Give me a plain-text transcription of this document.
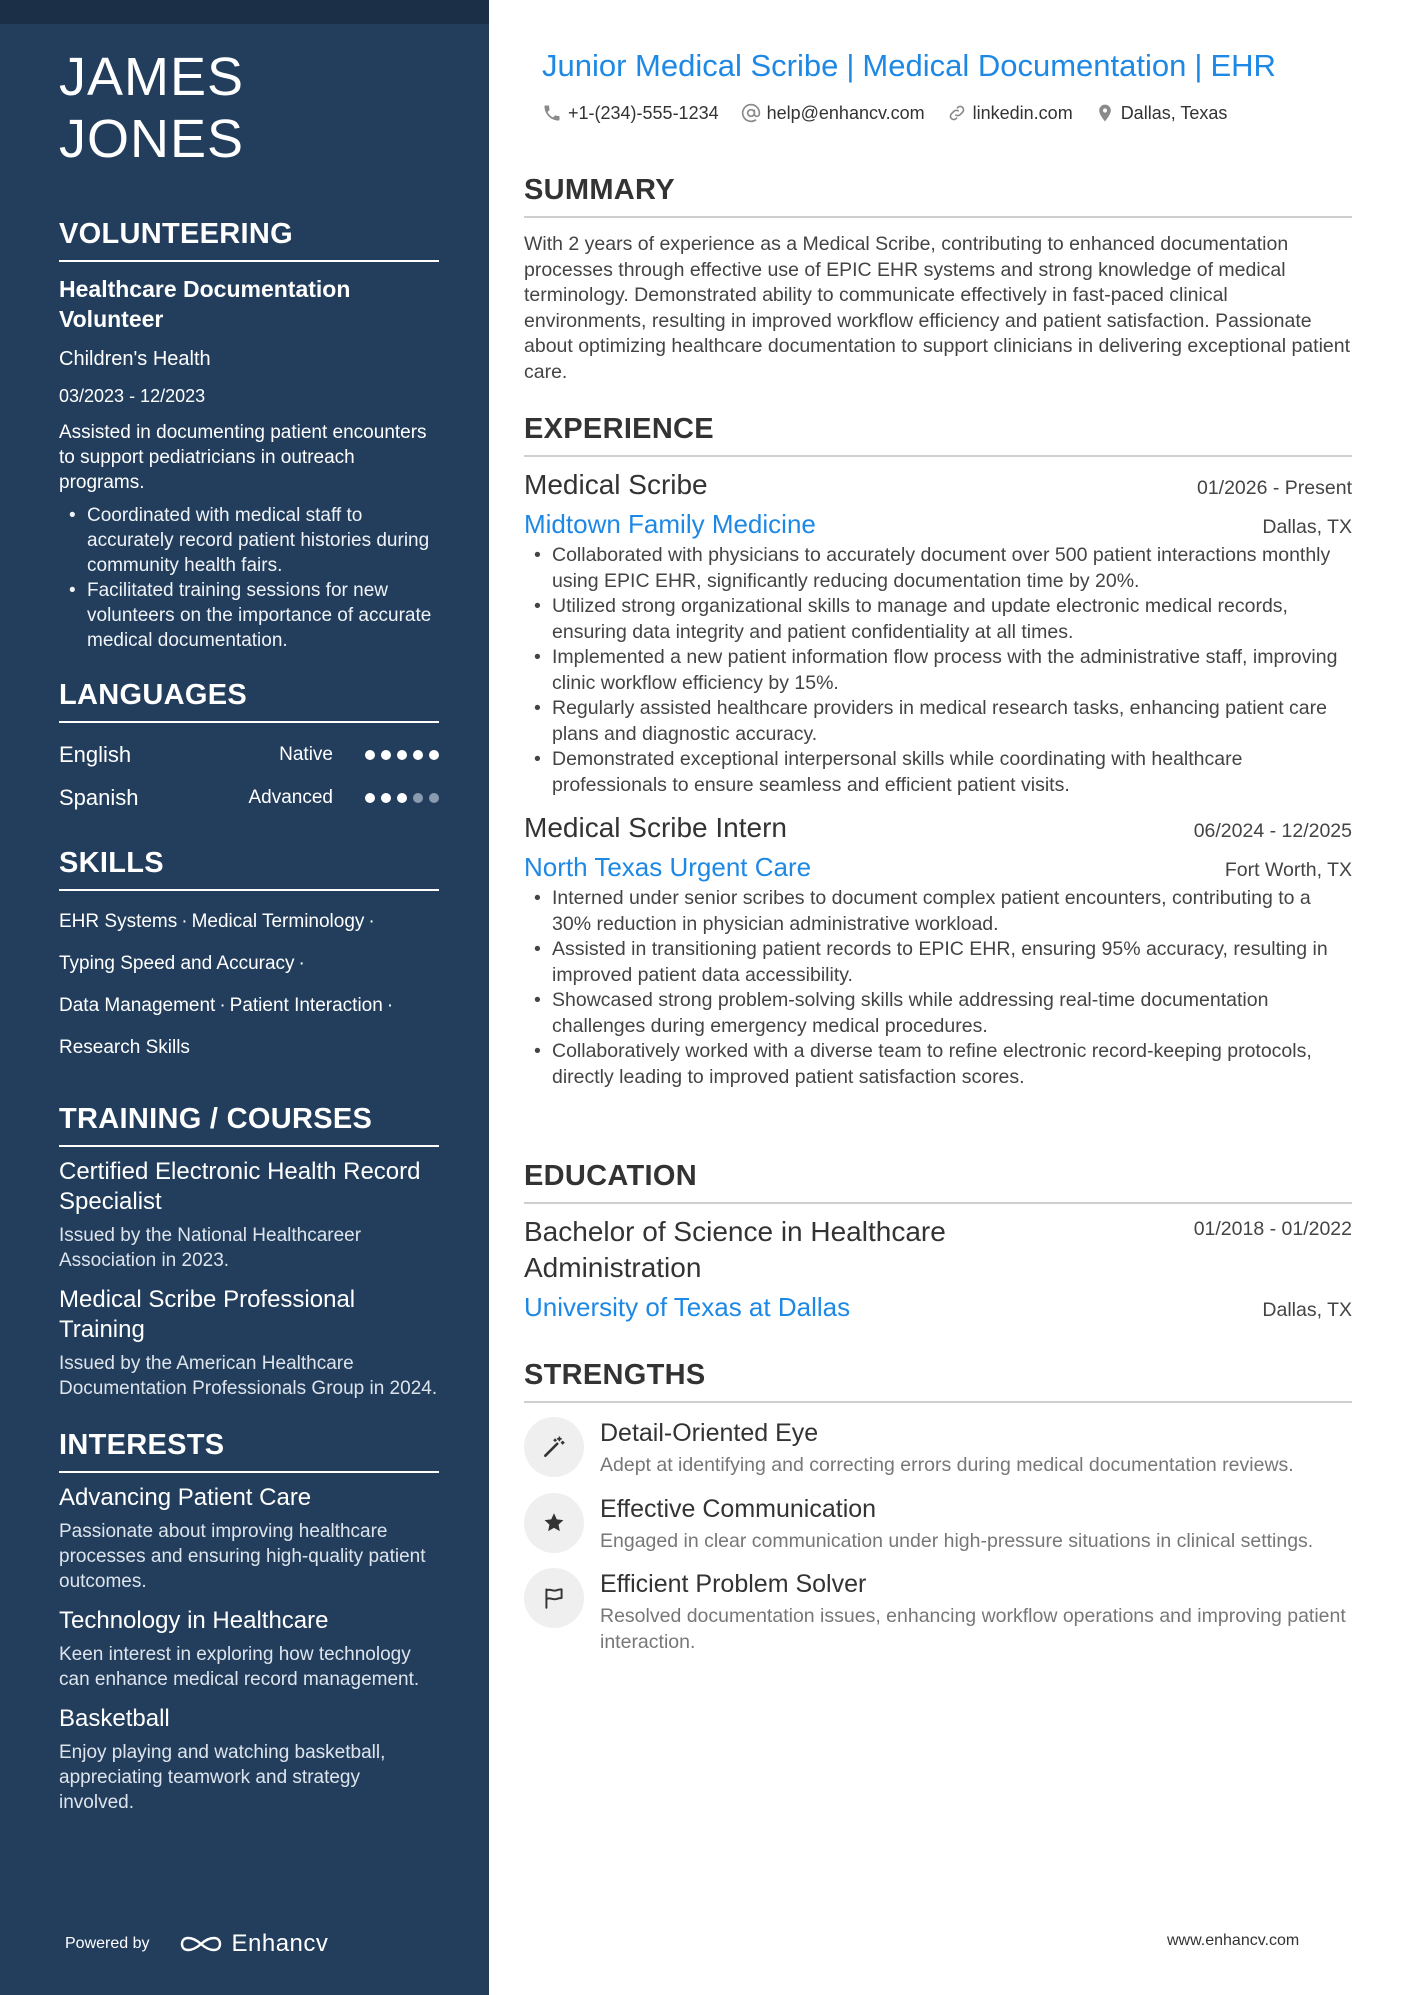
JAMES JONES
VOLUNTEERING
Healthcare Documentation Volunteer
Children's Health
03/2023 - 12/2023
Assisted in documenting patient encounters to support pediatricians in outreach programs.
• Coordinated with medical staff to accurately record patient histories during community health fairs.
• Facilitated training sessions for new volunteers on the importance of accurate medical documentation.
LANGUAGES
English	Native
Spanish	Advanced
SKILLS
EHR Systems · Medical Terminology ·
Typing Speed and Accuracy ·
Data Management · Patient Interaction ·
Research Skills
TRAINING / COURSES
Certified Electronic Health Record Specialist
Issued by the National Healthcareer Association in 2023.
Medical Scribe Professional Training
Issued by the American Healthcare Documentation Professionals Group in 2024.
INTERESTS
Advancing Patient Care
Passionate about improving healthcare processes and ensuring high-quality patient outcomes.
Technology in Healthcare
Keen interest in exploring how technology can enhance medical record management.
Basketball
Enjoy playing and watching basketball, appreciating teamwork and strategy involved.
Powered by	Enhancv
Junior Medical Scribe | Medical Documentation | EHR
+1-(234)-555-1234	help@enhancv.com	linkedin.com	Dallas, Texas
SUMMARY

With 2 years of experience as a Medical Scribe, contributing to enhanced documentation processes through effective use of EPIC EHR systems and strong knowledge of medical terminology. Demonstrated ability to communicate effectively in fast-paced clinical environments, resulting in improved workflow efficiency and patient satisfaction. Passionate about optimizing healthcare documentation to support clinicians in delivering exceptional patient care.

EXPERIENCE
Medical Scribe	01/2026 - Present
Midtown Family Medicine	Dallas, TX
• Collaborated with physicians to accurately document over 500 patient interactions monthly using EPIC EHR, significantly reducing documentation time by 20%.
• Utilized strong organizational skills to manage and update electronic medical records, ensuring data integrity and patient confidentiality at all times.
• Implemented a new patient information flow process with the administrative staff, improving clinic workflow efficiency by 15%.
• Regularly assisted healthcare providers in medical research tasks, enhancing patient care plans and diagnostic accuracy.
• Demonstrated exceptional interpersonal skills while coordinating with healthcare professionals to ensure seamless and efficient patient visits.
Medical Scribe Intern	06/2024 - 12/2025
North Texas Urgent Care	Fort Worth, TX
• Interned under senior scribes to document complex patient encounters, contributing to a 30% reduction in physician administrative workload.
• Assisted in transitioning patient records to EPIC EHR, ensuring 95% accuracy, resulting in improved patient data accessibility.
• Showcased strong problem-solving skills while addressing real-time documentation challenges during emergency medical procedures.
• Collaboratively worked with a diverse team to refine electronic record-keeping protocols, directly leading to improved patient satisfaction scores.
EDUCATION
Bachelor of Science in Healthcare Administration
01/2018 - 01/2022
University of Texas at Dallas	Dallas, TX
STRENGTHS
Detail-Oriented Eye
Adept at identifying and correcting errors during medical documentation reviews.
Effective Communication
Engaged in clear communication under high-pressure situations in clinical settings.
Efficient Problem Solver
Resolved documentation issues, enhancing workflow operations and improving patient interaction.
www.enhancv.com
